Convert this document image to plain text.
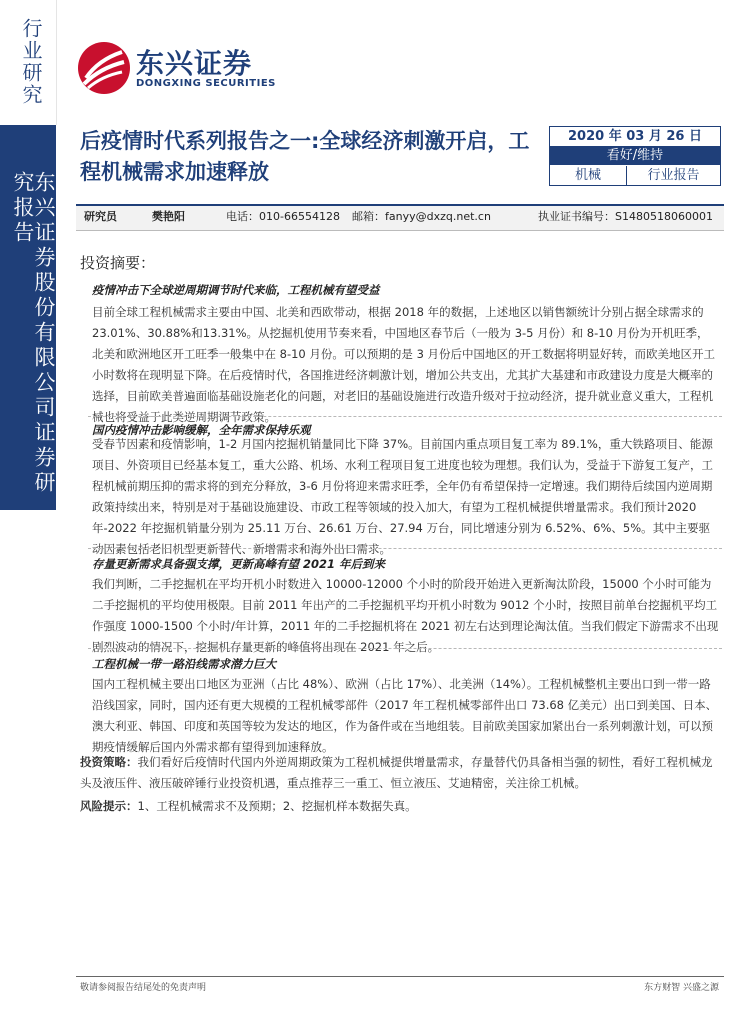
行业研究
东兴证券股份有限公司证券研究报告
东兴证券
DONGXING SECURITIES
后疫情时代系列报告之一:全球经济刺激开启，工程机械需求加速释放
2020 年 03 月 26 日
看好/维持
机械	行业报告
研究员	樊艳阳	电话：010-66554128 邮箱：fanyy@dxzq.net.cn	执业证书编号：S1480518060001
投资摘要：
疫情冲击下全球逆周期调节时代来临，工程机械有望受益
目前全球工程机械需求主要由中国、北美和西欧带动，根据 2018 年的数据，上述地区以销售额统计分别占据全球需求的23.01%、30.88%和13.31%。从挖掘机使用节奏来看，中国地区春节后（一般为 3-5 月份）和 8-10 月份为开机旺季，北美和欧洲地区开工旺季一般集中在 8-10 月份。可以预期的是 3 月份后中国地区的开工数据将明显好转，而欧美地区开工小时数将在现明显下降。在后疫情时代，各国推进经济刺激计划，增加公共支出，尤其扩大基建和市政建设力度是大概率的选择，目前欧美普遍面临基础设施老化的问题，对老旧的基础设施进行改造升级对于拉动经济，提升就业意义重大，工程机械也将受益于此类逆周期调节政策。
国内疫情冲击影响缓解，全年需求保持乐观
受春节因素和疫情影响，1-2 月国内挖掘机销量同比下降 37%。目前国内重点项目复工率为 89.1%，重大铁路项目、能源项目、外资项目已经基本复工，重大公路、机场、水利工程项目复工进度也较为理想。我们认为，受益于下游复工复产，工程机械前期压抑的需求将的到充分释放，3-6 月份将迎来需求旺季，全年仍有希望保持一定增速。我们期待后续国内逆周期政策持续出来，特别是对于基础设施建设、市政工程等领域的投入加大，有望为工程机械提供增量需求。我们预计2020 年-2022 年挖掘机销量分别为 25.11 万台、26.61 万台、27.94 万台，同比增速分别为 6.52%、6%、5%。其中主要驱动因素包括老旧机型更新替代、新增需求和海外出口需求。
存量更新需求具备强支撑，更新高峰有望 2021 年后到来
我们判断，二手挖掘机在平均开机小时数进入 10000-12000 个小时的阶段开始进入更新淘汰阶段，15000 个小时可能为二手挖掘机的平均使用极限。目前 2011 年出产的二手挖掘机平均开机小时数为 9012 个小时，按照目前单台挖掘机平均工作强度 1000-1500 个小时/年计算，2011 年的二手挖掘机将在 2021 初左右达到理论淘汰值。当我们假定下游需求不出现剧烈波动的情况下，挖掘机存量更新的峰值将出现在 2021 年之后。
工程机械一带一路沿线需求潜力巨大
国内工程机械主要出口地区为亚洲（占比 48%）、欧洲（占比 17%）、北美洲（14%）。工程机械整机主要出口到一带一路沿线国家，同时，国内还有更大规模的工程机械零部件（2017 年工程机械零部件出口 73.68 亿美元）出口到美国、日本、澳大利亚、韩国、印度和英国等较为发达的地区，作为备件或在当地组装。目前欧美国家加紧出台一系列刺激计划，可以预期疫情缓解后国内外需求都有望得到加速释放。
投资策略：我们看好后疫情时代国内外逆周期政策为工程机械提供增量需求，存量替代仍具备相当强的韧性，看好工程机械龙头及液压件、液压破碎锤行业投资机遇，重点推荐三一重工、恒立液压、艾迪精密，关注徐工机械。
风险提示：1、工程机械需求不及预期；2、挖掘机样本数据失真。
敬请参阅报告结尾处的免责声明	东方财智 兴盛之源
